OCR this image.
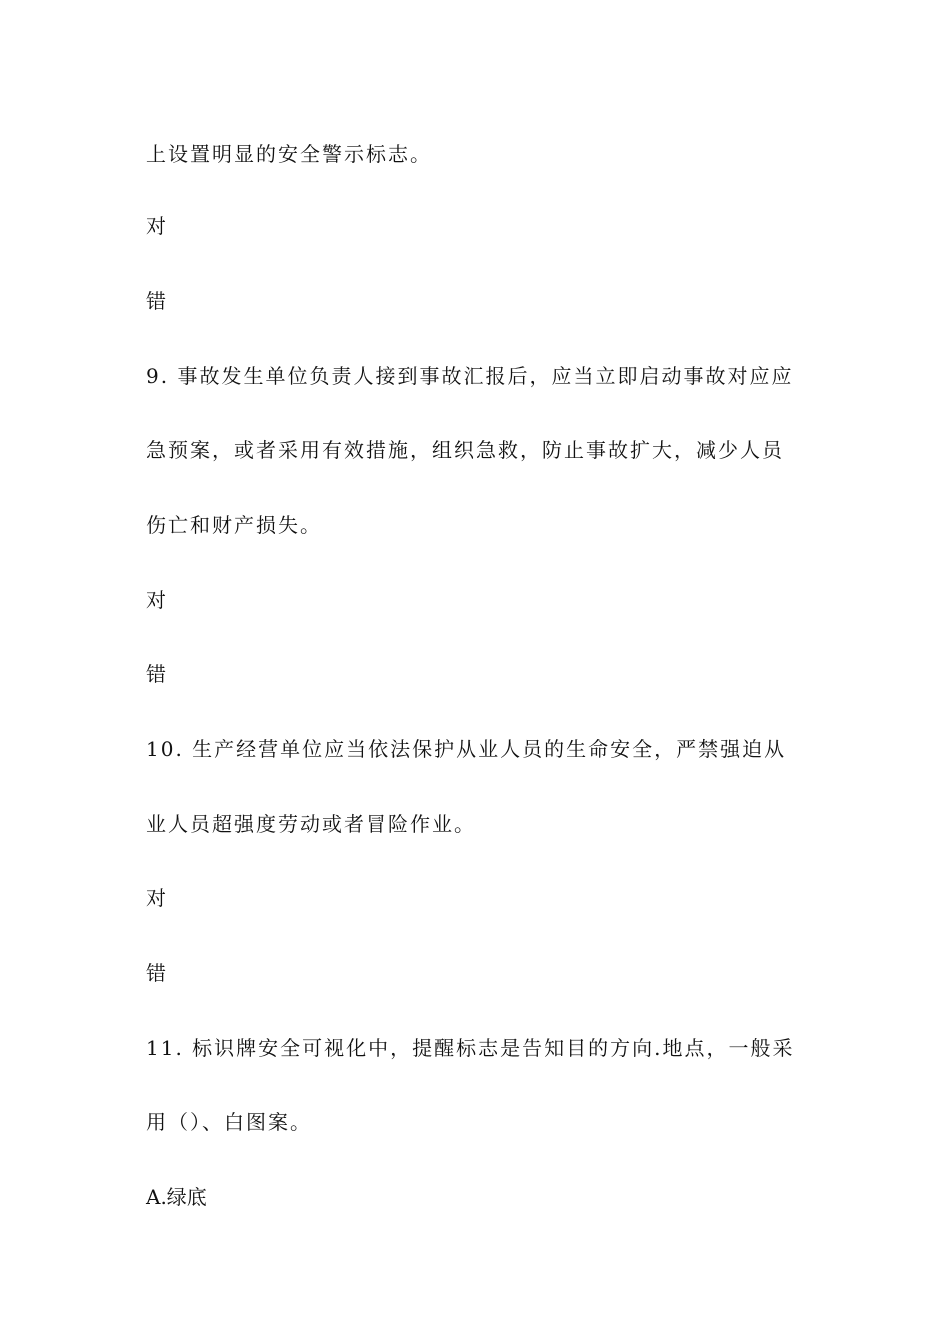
上设置明显的安全警示标志。
对
错
9. 事故发生单位负责人接到事故汇报后，应当立即启动事故对应应
急预案，或者采用有效措施，组织急救，防止事故扩大，减少人员
伤亡和财产损失。
对
错
10. 生产经营单位应当依法保护从业人员的生命安全，严禁强迫从
业人员超强度劳动或者冒险作业。
对
错
11. 标识牌安全可视化中，提醒标志是告知目的方向.地点，一般采
用（）、白图案。
A.绿底
